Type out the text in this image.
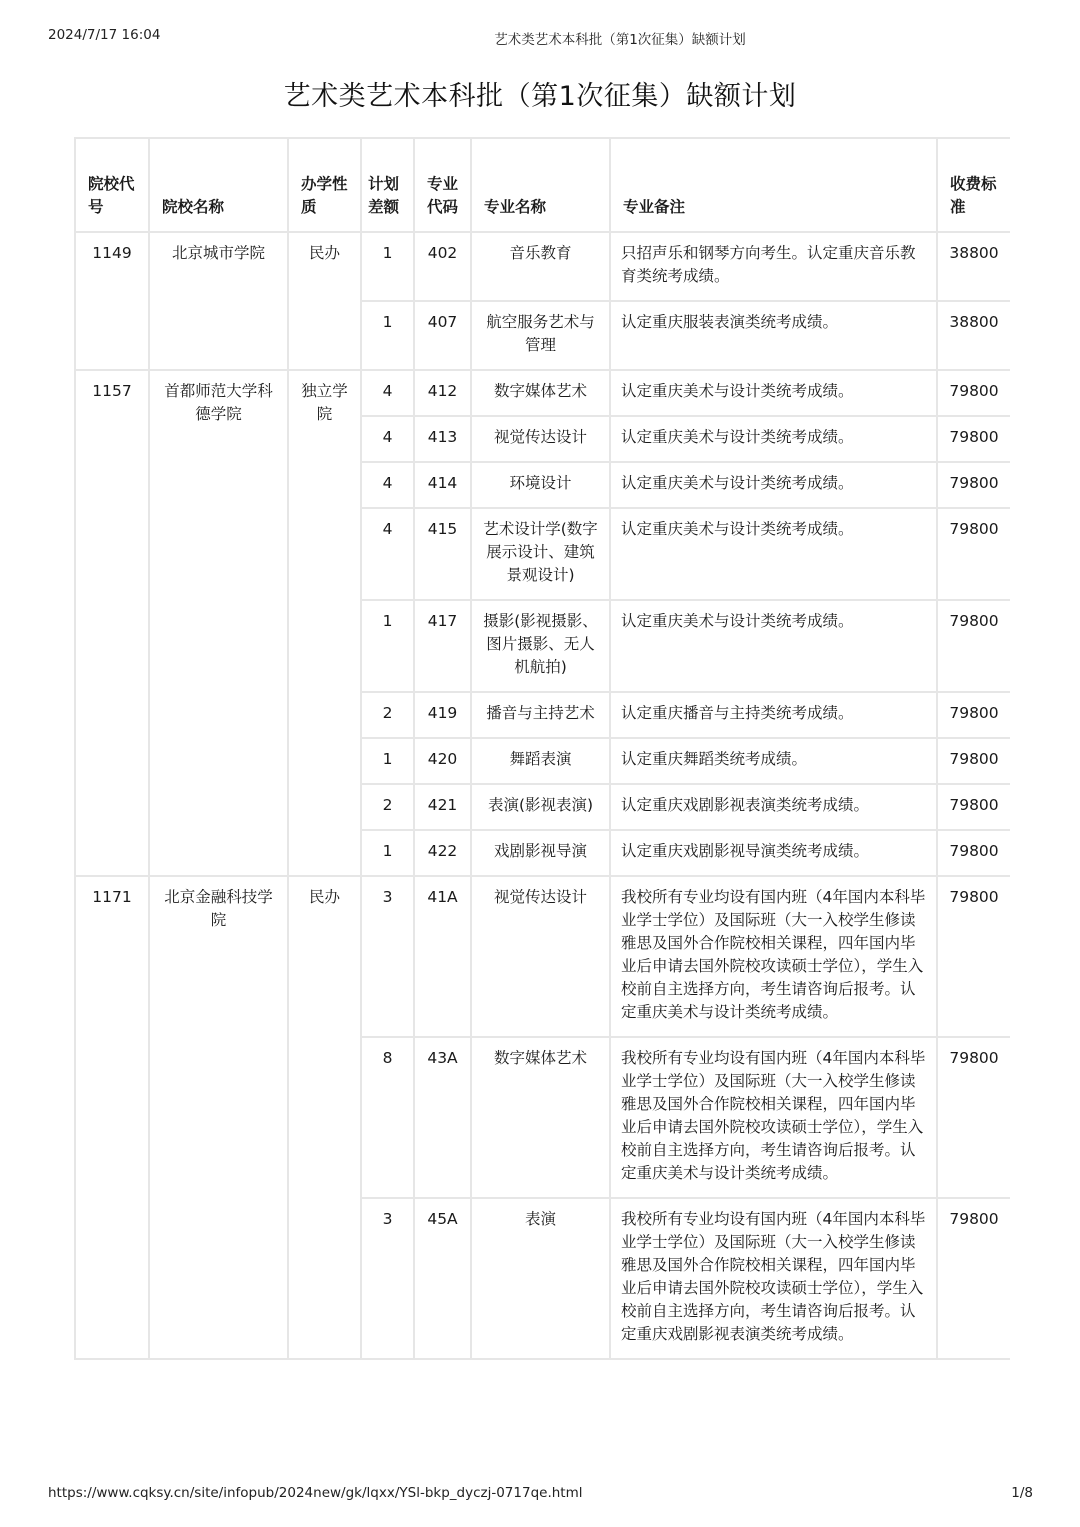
2024/7/17 16:04	艺术类艺术本科批（第1次征集）缺额计划
艺术类艺术本科批（第1次征集）缺额计划
院校代号	院校名称	办学性质	计划差额	专业代码	专业名称	专业备注	收费标准
1149	北京城市学院	民办	1	402	音乐教育	只招声乐和钢琴方向考生。认定重庆音乐教育类统考成绩。	38800
			1	407	航空服务艺术与管理	认定重庆服装表演类统考成绩。	38800
1157	首都师范大学科德学院	独立学院	4	412	数字媒体艺术	认定重庆美术与设计类统考成绩。	79800
			4	413	视觉传达设计	认定重庆美术与设计类统考成绩。	79800
			4	414	环境设计	认定重庆美术与设计类统考成绩。	79800
			4	415	艺术设计学(数字展示设计、建筑景观设计)	认定重庆美术与设计类统考成绩。	79800
			1	417	摄影(影视摄影、图片摄影、无人机航拍)	认定重庆美术与设计类统考成绩。	79800
			2	419	播音与主持艺术	认定重庆播音与主持类统考成绩。	79800
			1	420	舞蹈表演	认定重庆舞蹈类统考成绩。	79800
			2	421	表演(影视表演)	认定重庆戏剧影视表演类统考成绩。	79800
			1	422	戏剧影视导演	认定重庆戏剧影视导演类统考成绩。	79800
1171	北京金融科技学院	民办	3	41A	视觉传达设计	我校所有专业均设有国内班（4年国内本科毕业学士学位）及国际班（大一入校学生修读雅思及国外合作院校相关课程，四年国内毕业后申请去国外院校攻读硕士学位），学生入校前自主选择方向，考生请咨询后报考。认定重庆美术与设计类统考成绩。	79800
			8	43A	数字媒体艺术	我校所有专业均设有国内班（4年国内本科毕业学士学位）及国际班（大一入校学生修读雅思及国外合作院校相关课程，四年国内毕业后申请去国外院校攻读硕士学位），学生入校前自主选择方向，考生请咨询后报考。认定重庆美术与设计类统考成绩。	79800
			3	45A	表演	我校所有专业均设有国内班（4年国内本科毕业学士学位）及国际班（大一入校学生修读雅思及国外合作院校相关课程，四年国内毕业后申请去国外院校攻读硕士学位），学生入校前自主选择方向，考生请咨询后报考。认定重庆戏剧影视表演类统考成绩。	79800
https://www.cqksy.cn/site/infopub/2024new/gk/lqxx/YSl-bkp_dyczj-0717qe.html	1/8
